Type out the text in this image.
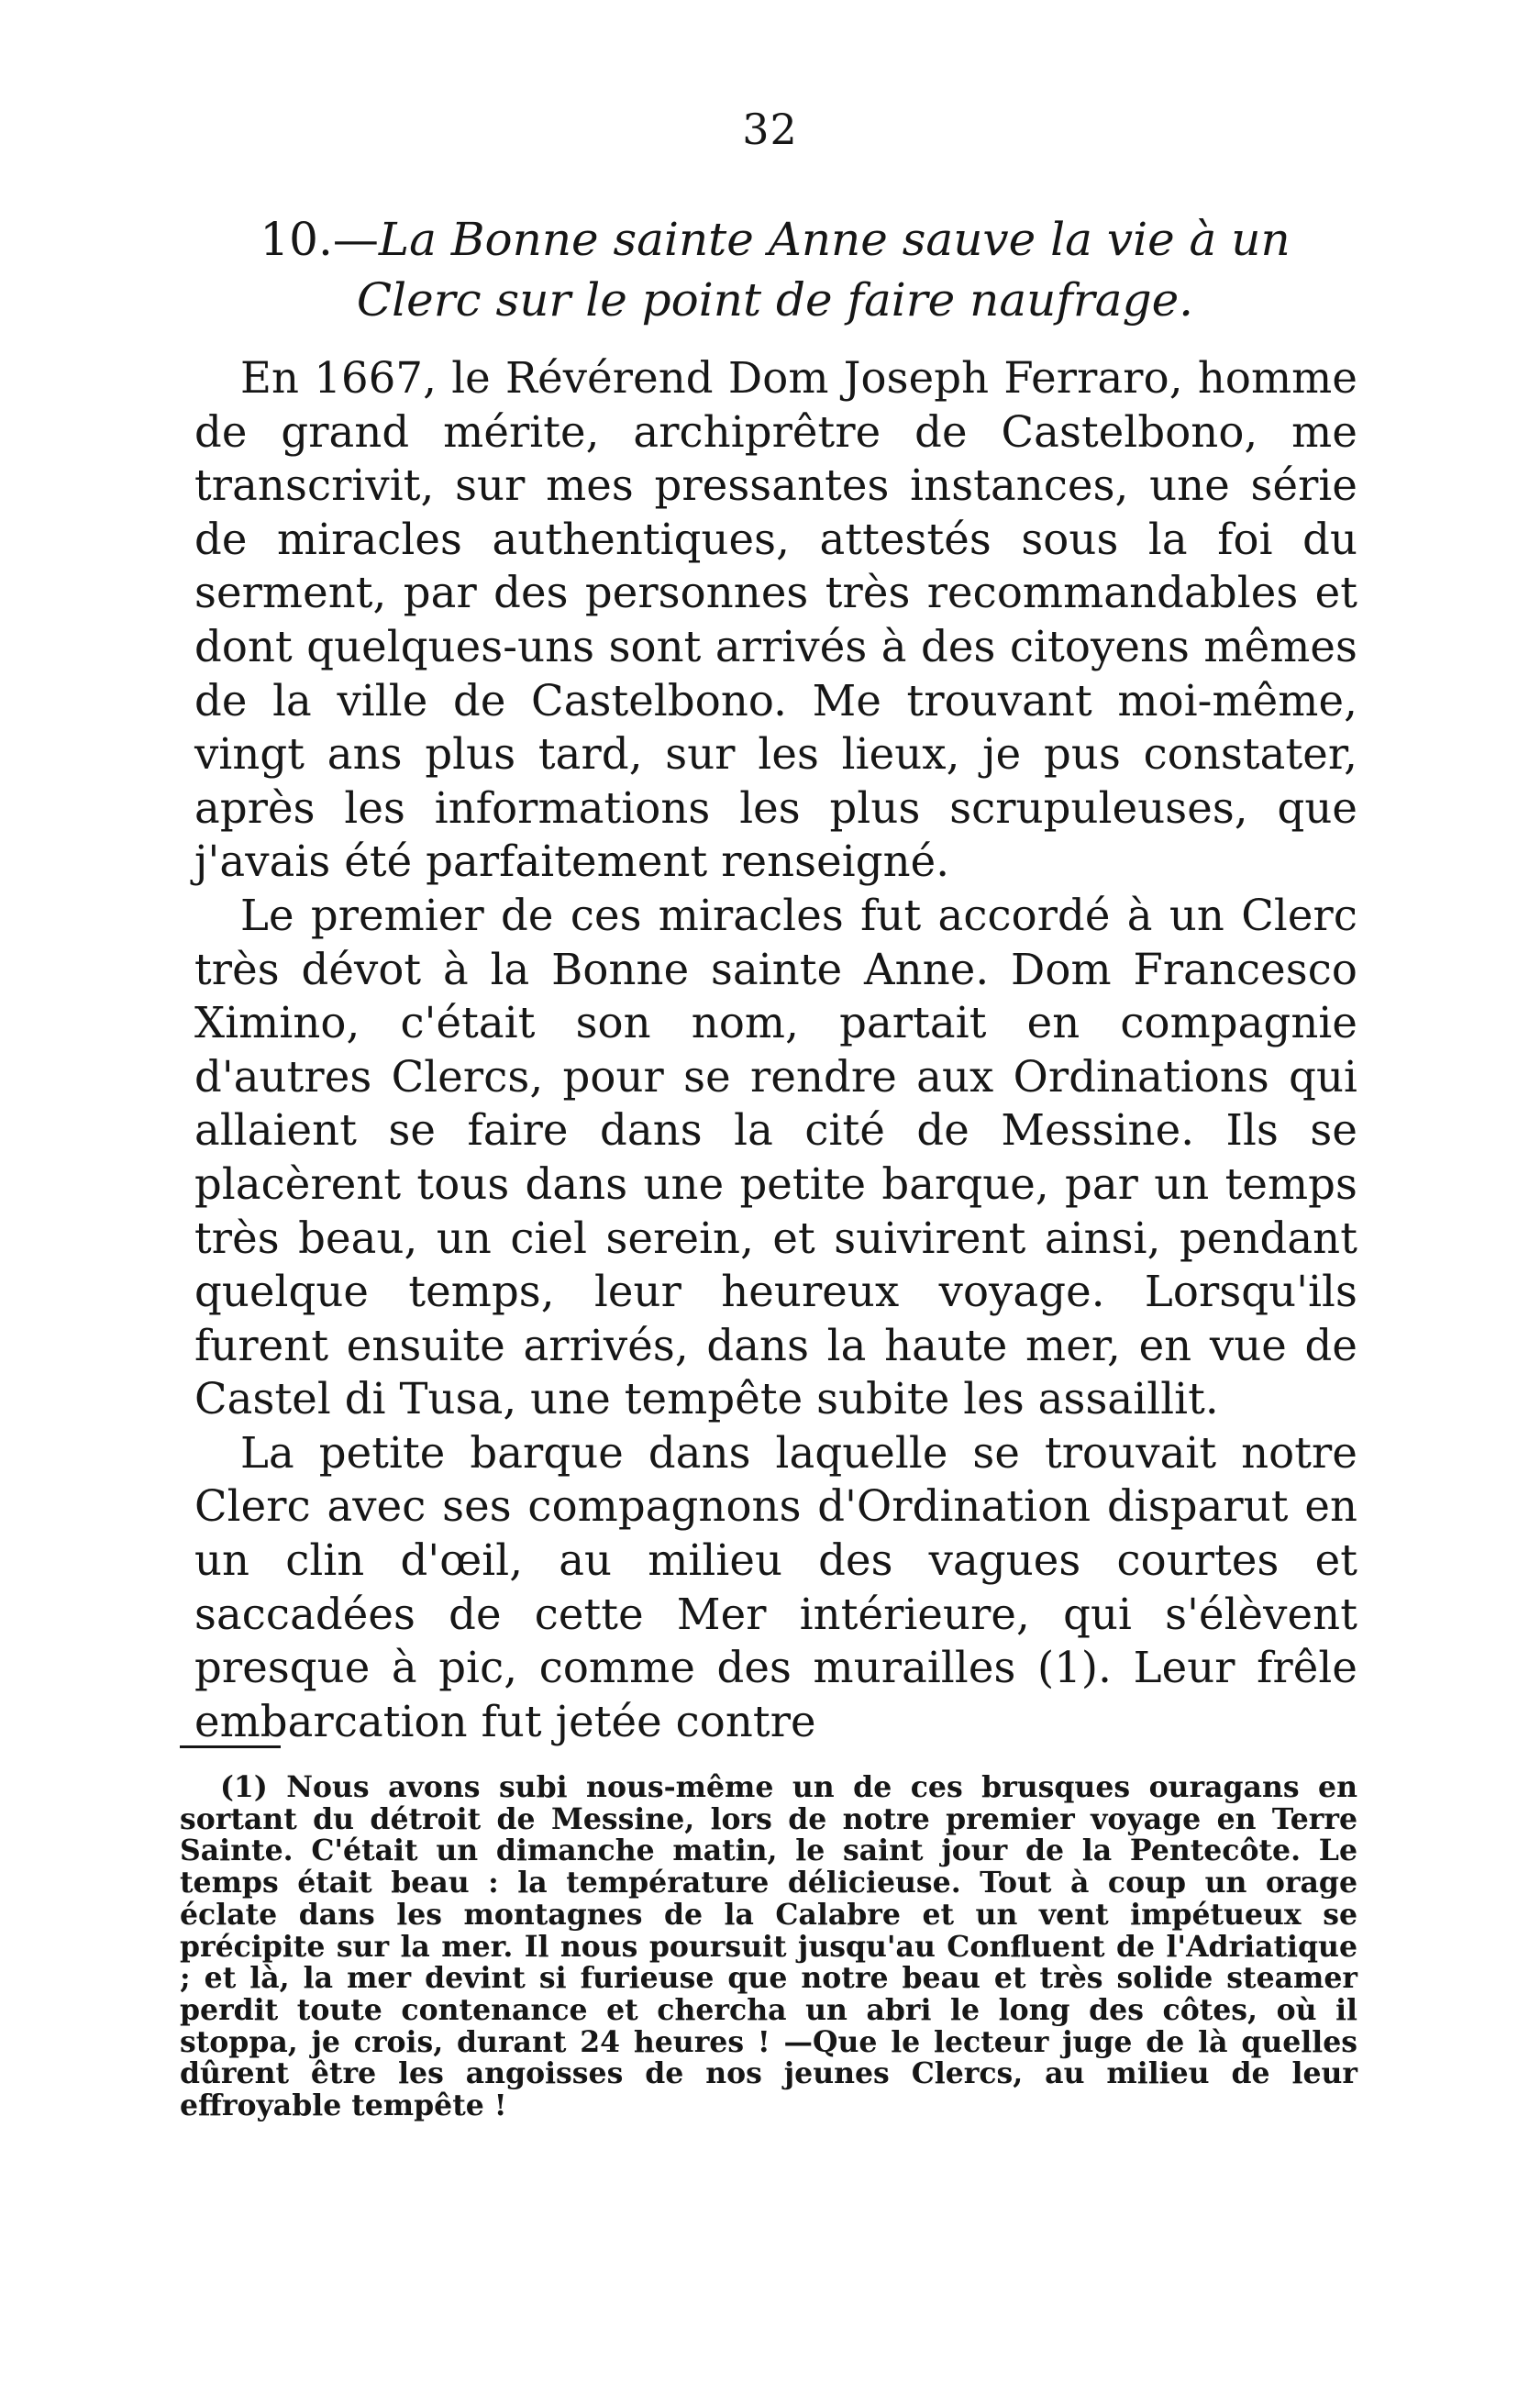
32
10.—La Bonne sainte Anne sauve la vie à un Clerc sur le point de faire naufrage.

En 1667, le Révérend Dom Joseph Ferraro, homme de grand mérite, archiprêtre de Castelbono, me transcrivit, sur mes pressantes instances, une série de miracles authentiques, attestés sous la foi du serment, par des personnes très recommandables et dont quelques-uns sont arrivés à des citoyens mêmes de la ville de Castelbono. Me trouvant moi-même, vingt ans plus tard, sur les lieux, je pus constater, après les informations les plus scrupuleuses, que j'avais été parfaitement renseigné.

Le premier de ces miracles fut accordé à un Clerc très dévot à la Bonne sainte Anne. Dom Francesco Ximino, c'était son nom, partait en compagnie d'autres Clercs, pour se rendre aux Ordinations qui allaient se faire dans la cité de Messine. Ils se placèrent tous dans une petite barque, par un temps très beau, un ciel serein, et suivirent ainsi, pendant quelque temps, leur heureux voyage. Lorsqu'ils furent ensuite arrivés, dans la haute mer, en vue de Castel di Tusa, une tempête subite les assaillit.

La petite barque dans laquelle se trouvait notre Clerc avec ses compagnons d'Ordination disparut en un clin d'œil, au milieu des vagues courtes et saccadées de cette Mer intérieure, qui s'élèvent presque à pic, comme des murailles (1). Leur frêle embarcation fut jetée contre

(1) Nous avons subi nous-même un de ces brusques ouragans en sortant du détroit de Messine, lors de notre premier voyage en Terre Sainte. C'était un dimanche matin, le saint jour de la Pentecôte. Le temps était beau : la température délicieuse. Tout à coup un orage éclate dans les montagnes de la Calabre et un vent impétueux se précipite sur la mer. Il nous poursuit jusqu'au Confluent de l'Adriatique ; et là, la mer devint si furieuse que notre beau et très solide steamer perdit toute contenance et chercha un abri le long des côtes, où il stoppa, je crois, durant 24 heures ! —Que le lecteur juge de là quelles dûrent être les angoisses de nos jeunes Clercs, au milieu de leur effroyable tempête !
